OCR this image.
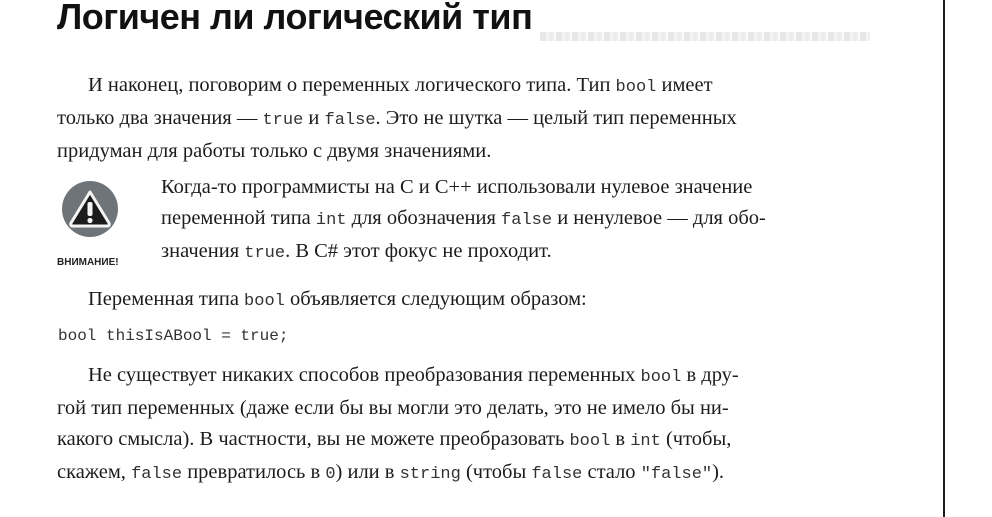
Логичен ли логический тип

И наконец, поговорим о переменных логического типа. Тип bool имеет
только два значения — true и false. Это не шутка — целый тип переменных
придуман для работы только с двумя значениями.

ВНИМАНИЕ!

Когда-то программисты на C и C++ использовали нулевое значение
переменной типа int для обозначения false и ненулевое — для обо-
значения true. В C# этот фокус не проходит.

Переменная типа bool объявляется следующим образом:

bool thisIsABool = true;

Не существует никаких способов преобразования переменных bool в дру-
гой тип переменных (даже если бы вы могли это делать, это не имело бы ни-
какого смысла). В частности, вы не можете преобразовать bool в int (чтобы,
скажем, false превратилось в 0) или в string (чтобы false стало "false").
